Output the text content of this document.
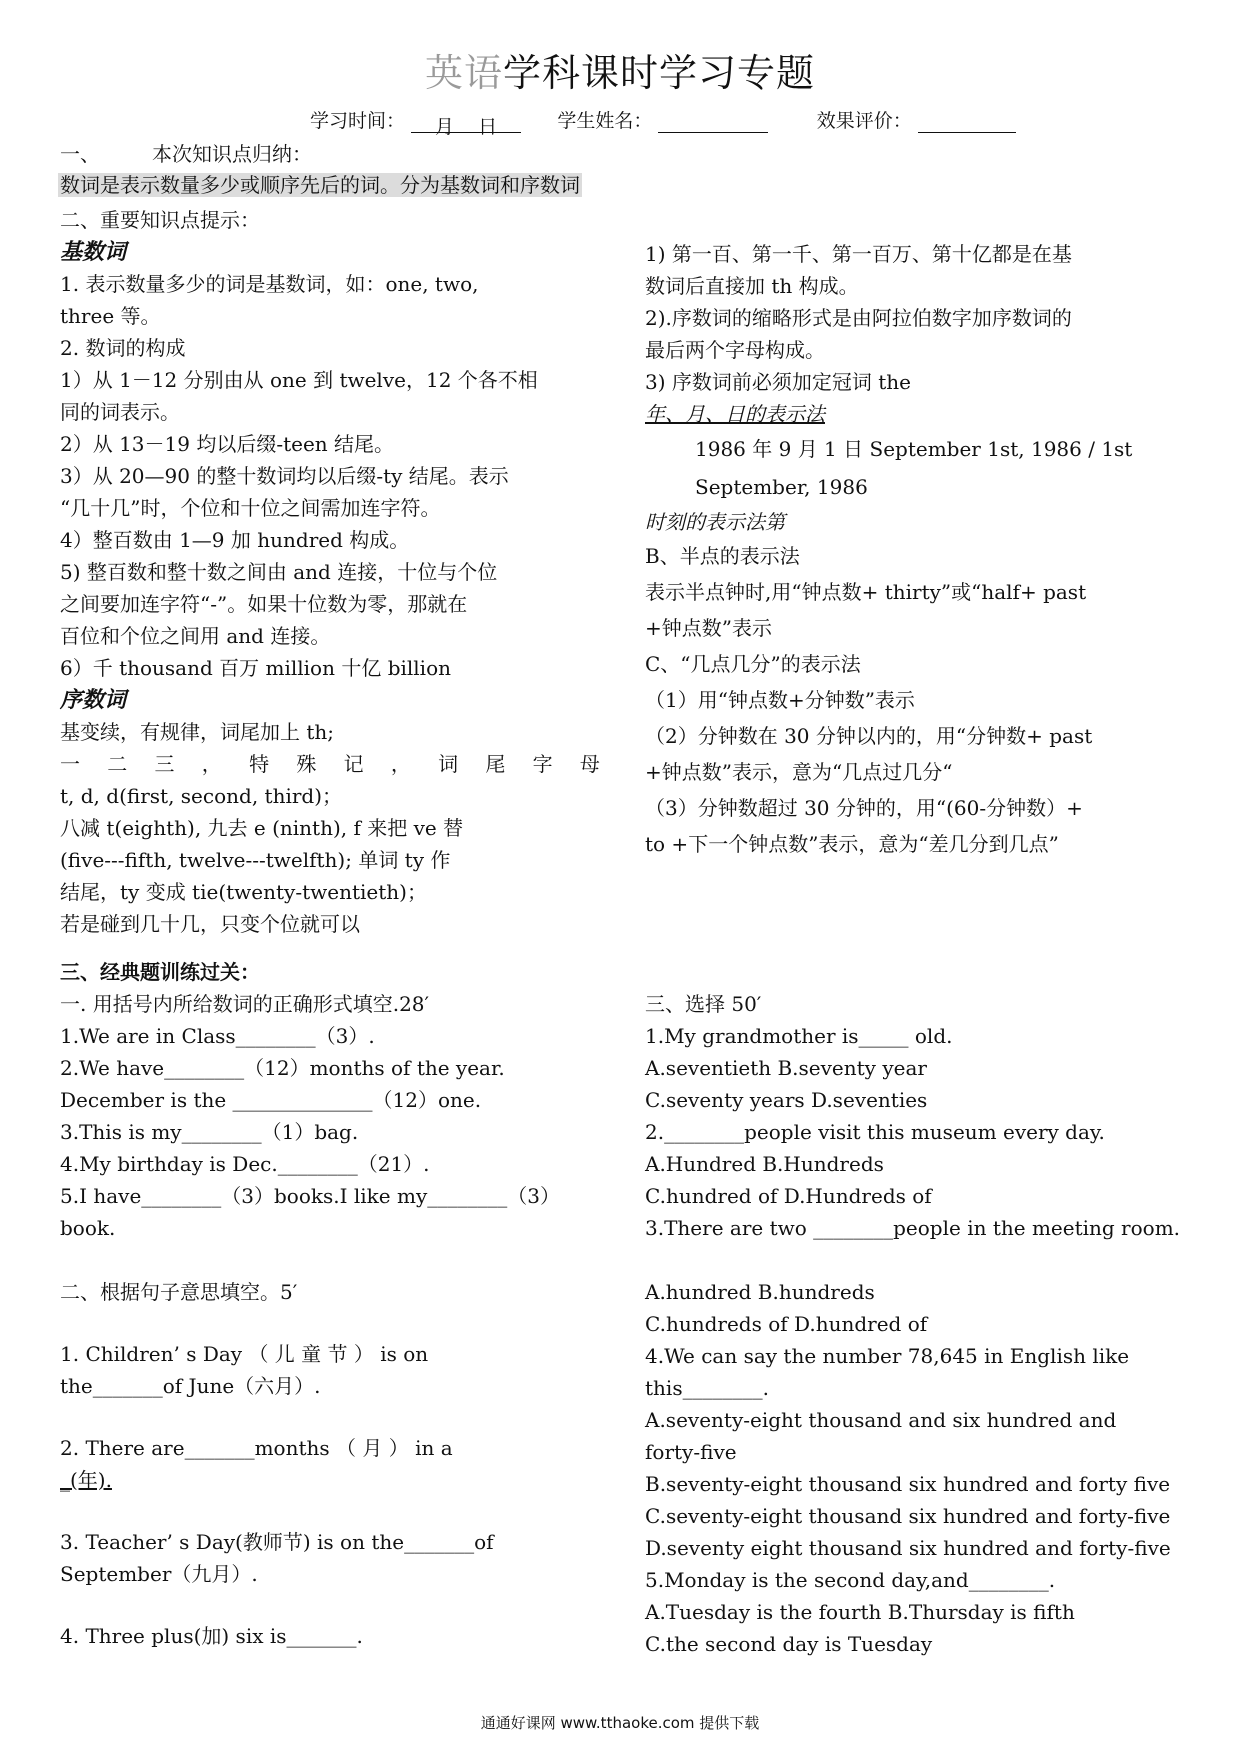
英语学科课时学习专题
学习时间： 月 日	学生姓名：	效果评价：
一、	本次知识点归纳：
数词是表示数量多少或顺序先后的词。分为基数词和序数词
二、重要知识点提示：
基数词
1. 表示数量多少的词是基数词，如：one, two,
three 等。
2. 数词的构成
1）从 1－12 分别由从 one 到 twelve，12 个各不相
同的词表示。
2）从 13－19 均以后缀-teen 结尾。
3）从 20—90 的整十数词均以后缀-ty 结尾。表示
“几十几”时，个位和十位之间需加连字符。
4）整百数由 1—9 加 hundred 构成。
5) 整百数和整十数之间由 and 连接，十位与个位
之间要加连字符“-”。如果十位数为零，那就在
百位和个位之间用 and 连接。
6）千 thousand 百万 million 十亿 billion
序数词
基变续，有规律，词尾加上 th;
一 二 三 ， 特 殊 记 ， 词 尾 字 母
t, d, d(first, second, third)；
八减 t(eighth), 九去 e (ninth), f 来把 ve 替
(five---fifth, twelve---twelfth); 单词 ty 作
结尾，ty 变成 tie(twenty-twentieth)；
若是碰到几十几，只变个位就可以
1) 第一百、第一千、第一百万、第十亿都是在基
数词后直接加 th 构成。
2).序数词的缩略形式是由阿拉伯数字加序数词的
最后两个字母构成。
3) 序数词前必须加定冠词 the
年、月、日的表示法
1986 年 9 月 1 日 September 1st, 1986 / 1st
September, 1986
时刻的表示法第
B、半点的表示法
表示半点钟时,用“钟点数+ thirty”或“half+ past
+钟点数”表示
C、“几点几分”的表示法
（1）用“钟点数+分钟数”表示
（2）分钟数在 30 分钟以内的，用“分钟数+ past
+钟点数”表示，意为“几点过几分“
（3）分钟数超过 30 分钟的，用“(60-分钟数）+
to +下一个钟点数”表示，意为“差几分到几点”
三、经典题训练过关：
一. 用括号内所给数词的正确形式填空.28′
1.We are in Class________（3）.
2.We have________（12）months of the year.
December is the ______________（12）one.
3.This is my________（1）bag.
4.My birthday is Dec.________（21）.
5.I have________（3）books.I like my________（3）
book.
二、根据句子意思填空。5′
1. Children’ s Day （ 儿 童 节 ） is on
the_______of June（六月）.
2. There are_______months （ 月 ） in a
_(年).
3. Teacher’ s Day(教师节) is on the_______of
September（九月）.
4. Three plus(加) six is_______.
三、选择 50′
1.My grandmother is_____ old.
A.seventieth B.seventy year
C.seventy years D.seventies
2.________people visit this museum every day.
A.Hundred B.Hundreds
C.hundred of D.Hundreds of
3.There are two ________people in the meeting room.
A.hundred B.hundreds
C.hundreds of D.hundred of
4.We can say the number 78,645 in English like
this________.
A.seventy-eight thousand and six hundred and
forty-five
B.seventy-eight thousand six hundred and forty five
C.seventy-eight thousand six hundred and forty-five
D.seventy eight thousand six hundred and forty-five
5.Monday is the second day,and________.
A.Tuesday is the fourth B.Thursday is fifth
C.the second day is Tuesday
通通好课网 www.tthaoke.com 提供下载
